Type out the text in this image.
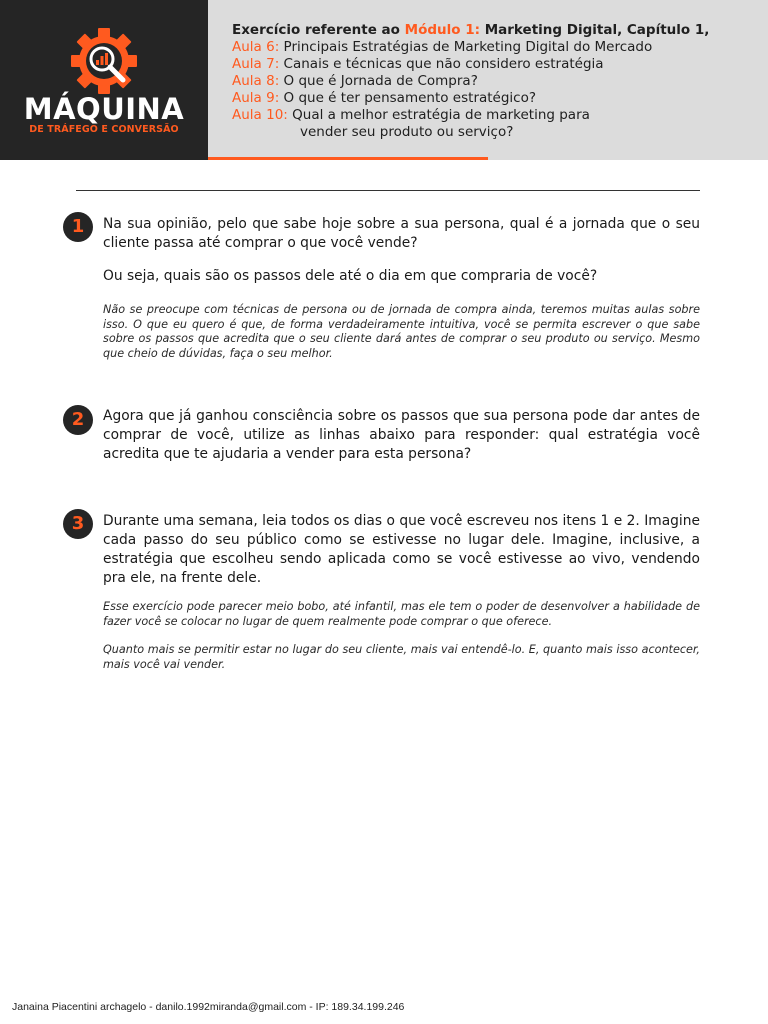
MÁQUINA
DE TRÁFEGO E CONVERSÃO
Exercício referente ao Módulo 1: Marketing Digital, Capítulo 1,
Aula 6: Principais Estratégias de Marketing Digital do Mercado
Aula 7: Canais e técnicas que não considero estratégia
Aula 8: O que é Jornada de Compra?
Aula 9: O que é ter pensamento estratégico?
Aula 10: Qual a melhor estratégia de marketing para
vender seu produto ou serviço?
1	Na sua opinião, pelo que sabe hoje sobre a sua persona, qual é a jornada que o seu cliente passa até comprar o que você vende?
Ou seja, quais são os passos dele até o dia em que compraria de você?
Não se preocupe com técnicas de persona ou de jornada de compra ainda, teremos muitas aulas sobre isso. O que eu quero é que, de forma verdadeiramente intuitiva, você se permita escrever o que sabe sobre os passos que acredita que o seu cliente dará antes de comprar o seu produto ou serviço. Mesmo que cheio de dúvidas, faça o seu melhor.
2	Agora que já ganhou consciência sobre os passos que sua persona pode dar antes de comprar de você, utilize as linhas abaixo para responder: qual estratégia você acredita que te ajudaria a vender para esta persona?
3	Durante uma semana, leia todos os dias o que você escreveu nos itens 1 e 2. Imagine cada passo do seu público como se estivesse no lugar dele. Imagine, inclusive, a estratégia que escolheu sendo aplicada como se você estivesse ao vivo, vendendo pra ele, na frente dele.
Esse exercício pode parecer meio bobo, até infantil, mas ele tem o poder de desenvolver a habilidade de fazer você se colocar no lugar de quem realmente pode comprar o que oferece.
Quanto mais se permitir estar no lugar do seu cliente, mais vai entendê-lo. E, quanto mais isso acontecer, mais você vai vender.
Janaina Piacentini archagelo - danilo.1992miranda@gmail.com - IP: 189.34.199.246
